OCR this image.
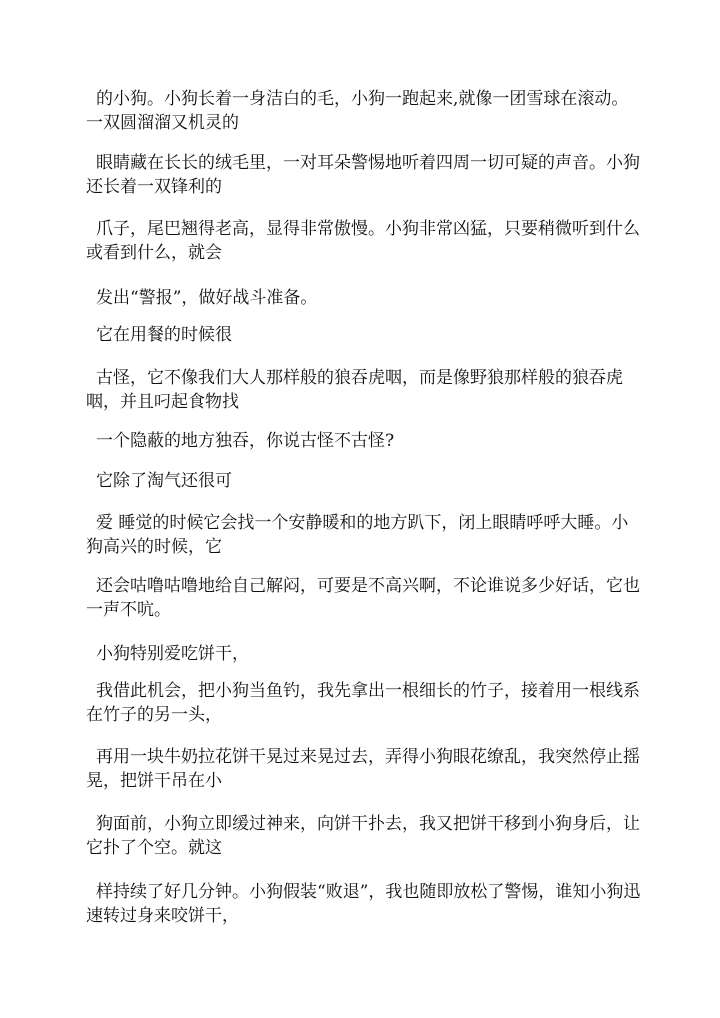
的小狗。小狗长着一身洁白的毛，小狗一跑起来,就像一团雪球在滚动。一双圆溜溜又机灵的

眼睛藏在长长的绒毛里，一对耳朵警惕地听着四周一切可疑的声音。小狗还长着一双锋利的

爪子，尾巴翘得老高，显得非常傲慢。小狗非常凶猛，只要稍微听到什么或看到什么，就会

发出“警报”，做好战斗准备。

它在用餐的时候很

古怪，它不像我们大人那样般的狼吞虎咽，而是像野狼那样般的狼吞虎咽，并且叼起食物找

一个隐蔽的地方独吞，你说古怪不古怪?

它除了淘气还很可

爱 睡觉的时候它会找一个安静暖和的地方趴下，闭上眼睛呼呼大睡。小狗高兴的时候，它

还会咕噜咕噜地给自己解闷，可要是不高兴啊，不论谁说多少好话，它也一声不吭。

小狗特别爱吃饼干，

我借此机会，把小狗当鱼钓，我先拿出一根细长的竹子，接着用一根线系在竹子的另一头，

再用一块牛奶拉花饼干晃过来晃过去，弄得小狗眼花缭乱，我突然停止摇晃，把饼干吊在小

狗面前，小狗立即缓过神来，向饼干扑去，我又把饼干移到小狗身后，让它扑了个空。就这

样持续了好几分钟。小狗假装“败退”，我也随即放松了警惕，谁知小狗迅速转过身来咬饼干，
